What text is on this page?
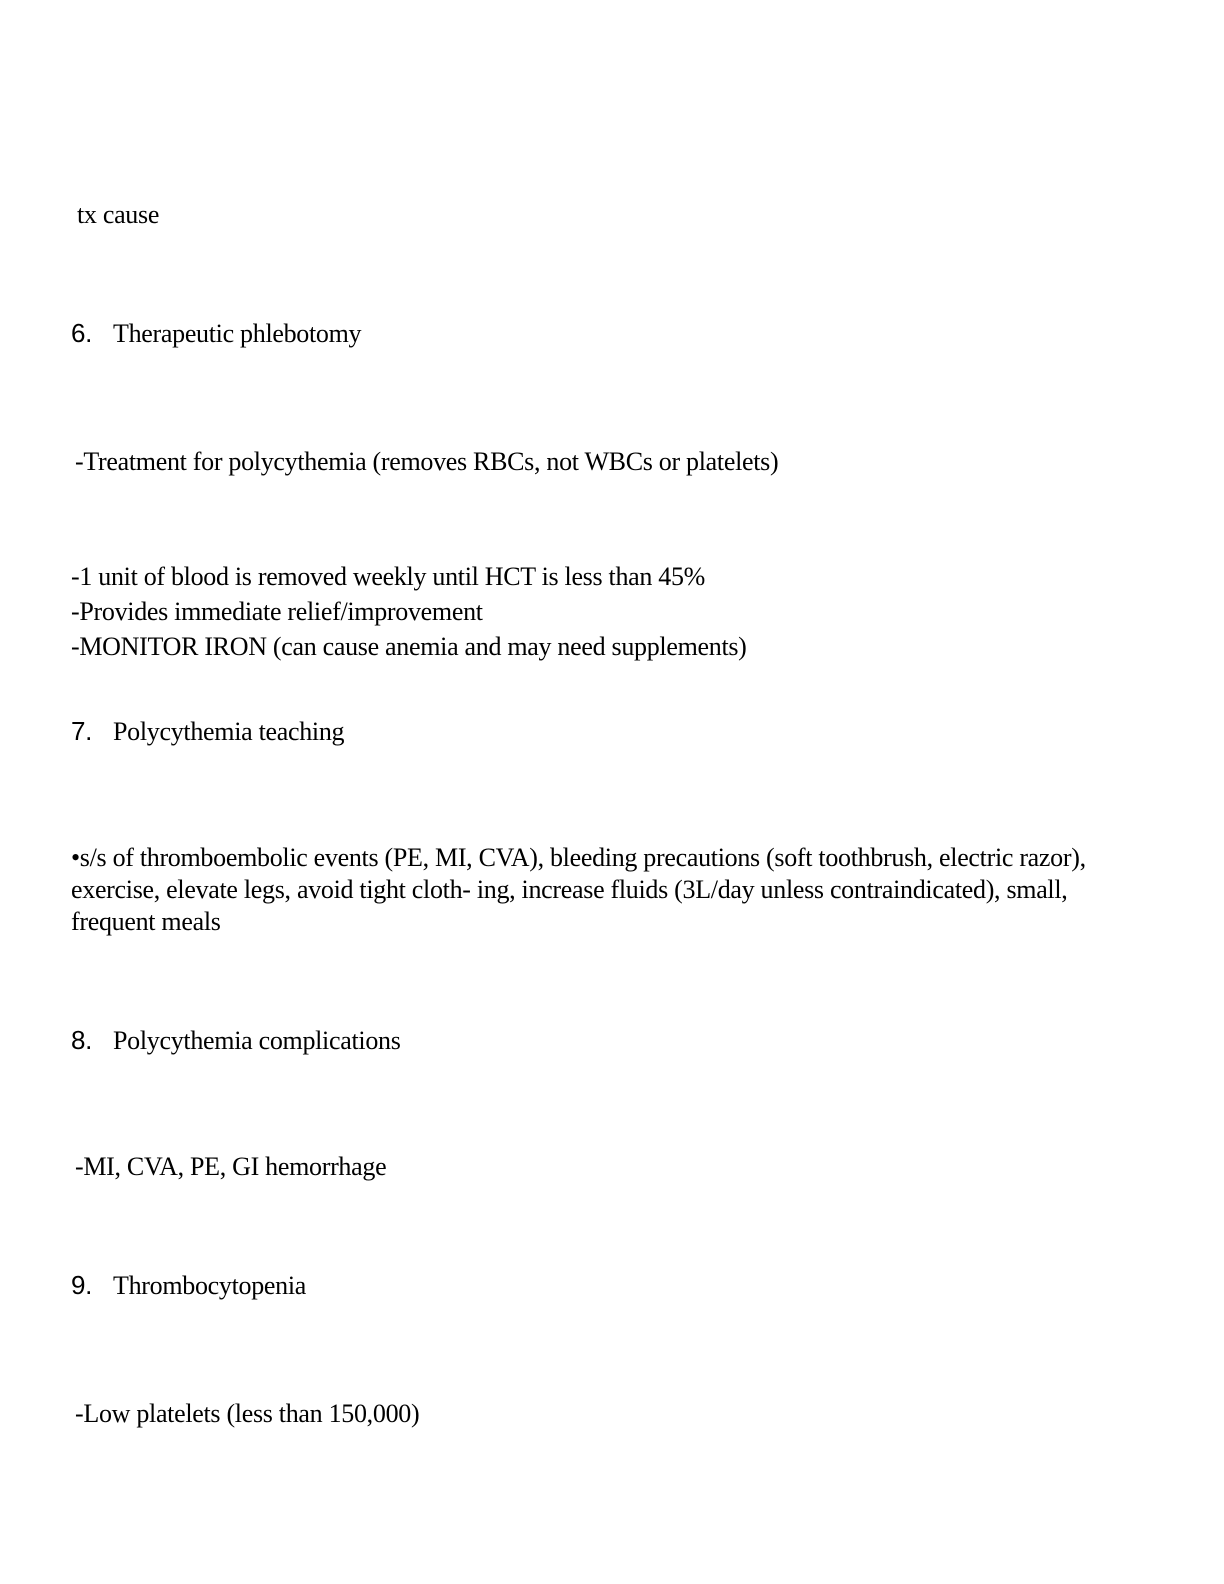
tx cause
6. Therapeutic phlebotomy
-Treatment for polycythemia (removes RBCs, not WBCs or platelets)
-1 unit of blood is removed weekly until HCT is less than 45%
-Provides immediate relief/improvement
-MONITOR IRON (can cause anemia and may need supplements)
7. Polycythemia teaching
•s/s of thromboembolic events (PE, MI, CVA), bleeding precautions (soft toothbrush, electric razor), exercise, elevate legs, avoid tight cloth- ing, increase fluids (3L/day unless contraindicated), small, frequent meals
8. Polycythemia complications
-MI, CVA, PE, GI hemorrhage
9. Thrombocytopenia
-Low platelets (less than 150,000)
